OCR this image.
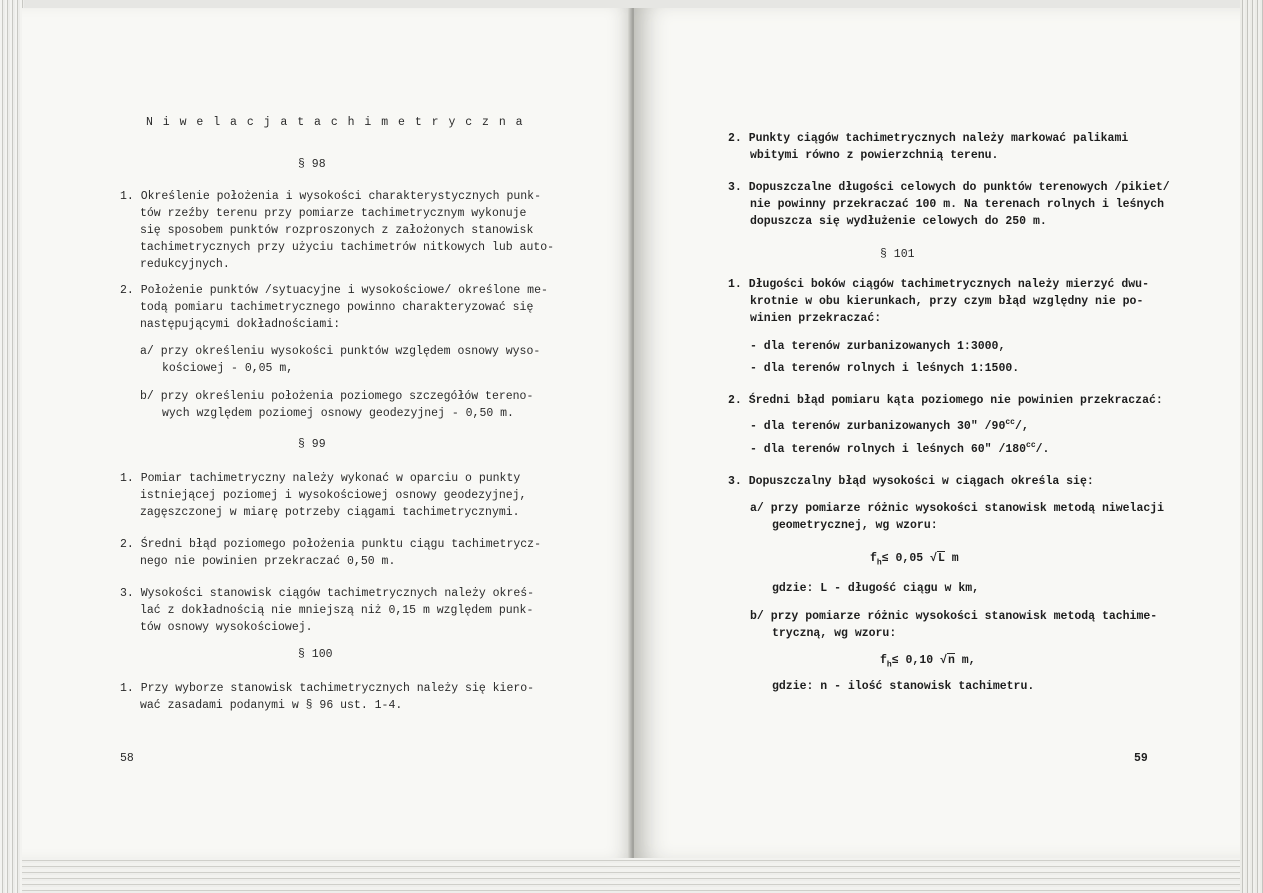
N i w e l a c j a t a c h i m e t r y c z n a

§ 98

1. Określenie położenia i wysokości charakterystycznych punk-

tów rzeźby terenu przy pomiarze tachimetrycznym wykonuje

się sposobem punktów rozproszonych z założonych stanowisk

tachimetrycznych przy użyciu tachimetrów nitkowych lub auto-

redukcyjnych.

2. Położenie punktów /sytuacyjne i wysokościowe/ określone me-

todą pomiaru tachimetrycznego powinno charakteryzować się

następującymi dokładnościami:

a/ przy określeniu wysokości punktów względem osnowy wyso-

kościowej - 0,05 m,

b/ przy określeniu położenia poziomego szczegółów tereno-

wych względem poziomej osnowy geodezyjnej - 0,50 m.

§ 99

1. Pomiar tachimetryczny należy wykonać w oparciu o punkty

istniejącej poziomej i wysokościowej osnowy geodezyjnej,

zagęszczonej w miarę potrzeby ciągami tachimetrycznymi.

2. Średni błąd poziomego położenia punktu ciągu tachimetrycz-

nego nie powinien przekraczać 0,50 m.

3. Wysokości stanowisk ciągów tachimetrycznych należy okreś-

lać z dokładnością nie mniejszą niż 0,15 m względem punk-

tów osnowy wysokościowej.

§ 100

1. Przy wyborze stanowisk tachimetrycznych należy się kiero-

wać zasadami podanymi w § 96 ust. 1-4.

58

2. Punkty ciągów tachimetrycznych należy markować palikami

wbitymi równo z powierzchnią terenu.

3. Dopuszczalne długości celowych do punktów terenowych /pikiet/

nie powinny przekraczać 100 m. Na terenach rolnych i leśnych

dopuszcza się wydłużenie celowych do 250 m.

§ 101

1. Długości boków ciągów tachimetrycznych należy mierzyć dwu-

krotnie w obu kierunkach, przy czym błąd względny nie po-

winien przekraczać:

- dla terenów zurbanizowanych 1:3000,

- dla terenów rolnych i leśnych 1:1500.

2. Średni błąd pomiaru kąta poziomego nie powinien przekraczać:

- dla terenów zurbanizowanych 30" $/90^{cc}/$,

- dla terenów rolnych i leśnych 60" $/180^{cc}/$.

3. Dopuszczalny błąd wysokości w ciągach określa się:

a/ przy pomiarze różnic wysokości stanowisk metodą niwelacji

geometrycznej, wg wzoru:

$f_h\le 0,05$ √L m

gdzie: L - długość ciągu w km,

b/ przy pomiarze różnic wysokości stanowisk metodą tachime-

tryczną, wg wzoru:

$f_h\le 0,10$ √n m,

gdzie: n - ilość stanowisk tachimetru.

59
